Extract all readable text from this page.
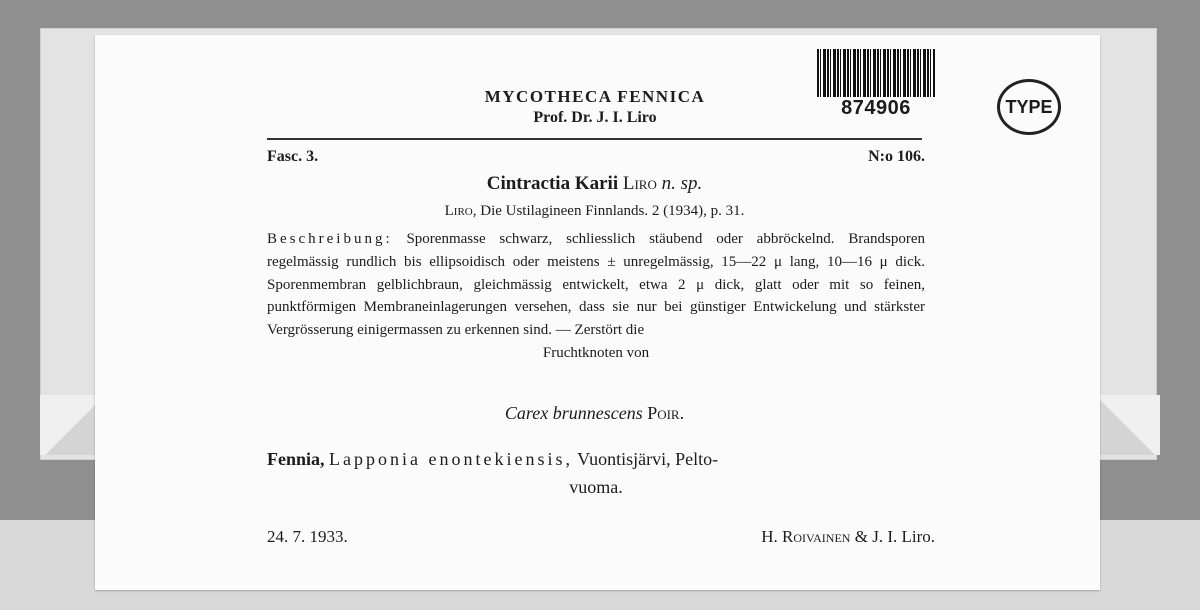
MYCOTHECA FENNICA
Prof. Dr. J. I. Liro	874906	TYPE
Fasc. 3.	N:o 106.
Cintractia Karii Liro n. sp.
Liro, Die Ustilagineen Finnlands. 2 (1934), p. 31.
Beschreibung: Sporenmasse schwarz, schliesslich stäubend oder abbröckelnd. Brandsporen regelmässig rundlich bis ellipsoidisch oder meistens ± unregelmässig, 15—22 μ lang, 10—16 μ dick. Sporenmembran gelblichbraun, gleichmässig entwickelt, etwa 2 μ dick, glatt oder mit so feinen, punktförmigen Membraneinlagerungen versehen, dass sie nur bei günstiger Entwickelung und stärkster Vergrösserung einigermassen zu erkennen sind. — Zerstört die
Fruchtknoten von
Carex brunnescens Poir.
Fennia, Lapponia enontekiensis, Vuontisjärvi, Pelto-
vuoma.
24. 7. 1933.	H. Roivainen & J. I. Liro.
